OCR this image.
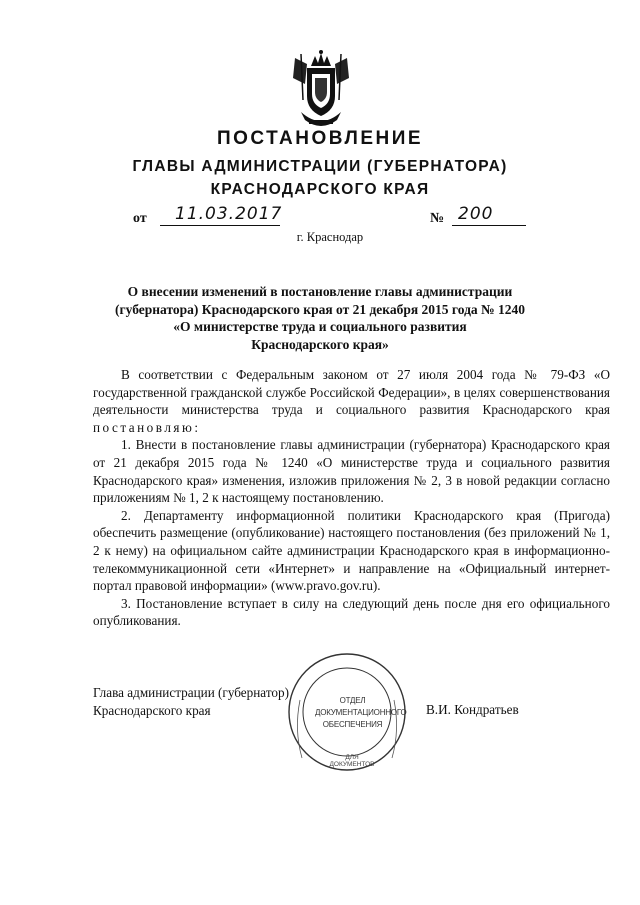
ПОСТАНОВЛЕНИЕ
ГЛАВЫ АДМИНИСТРАЦИИ (ГУБЕРНАТОРА)
КРАСНОДАРСКОГО КРАЯ
от 11.03.2017	№ 200
г. Краснодар
О внесении изменений в постановление главы администрации
(губернатора) Краснодарского края от 21 декабря 2015 года № 1240
«О министерстве труда и социального развития
Краснодарского края»

В соответствии с Федеральным законом от 27 июля 2004 года № 79-ФЗ «О государственной гражданской службе Российской Федерации», в целях совершенствования деятельности министерства труда и социального развития Краснодарского края постановляю:

1. Внести в постановление главы администрации (губернатора) Краснодарского края от 21 декабря 2015 года № 1240 «О министерстве труда и социального развития Краснодарского края» изменения, изложив приложения № 2, 3 в новой редакции согласно приложениям № 1, 2 к настоящему постановлению.

2. Департаменту информационной политики Краснодарского края (Пригода) обеспечить размещение (опубликование) настоящего постановления (без приложений № 1, 2 к нему) на официальном сайте администрации Краснодарского края в информационно-телекоммуникационной сети «Интернет» и направление на «Официальный интернет-портал правовой информации» (www.pravo.gov.ru).

3. Постановление вступает в силу на следующий день после дня его официального опубликования.

Глава администрации (губернатор)
Краснодарского края	В.И. Кондратьев
ОТДЕЛ
ДОКУМЕНТАЦИОННОГО
ОБЕСПЕЧЕНИЯ
ДЛЯ ДОКУМЕНТОВ
